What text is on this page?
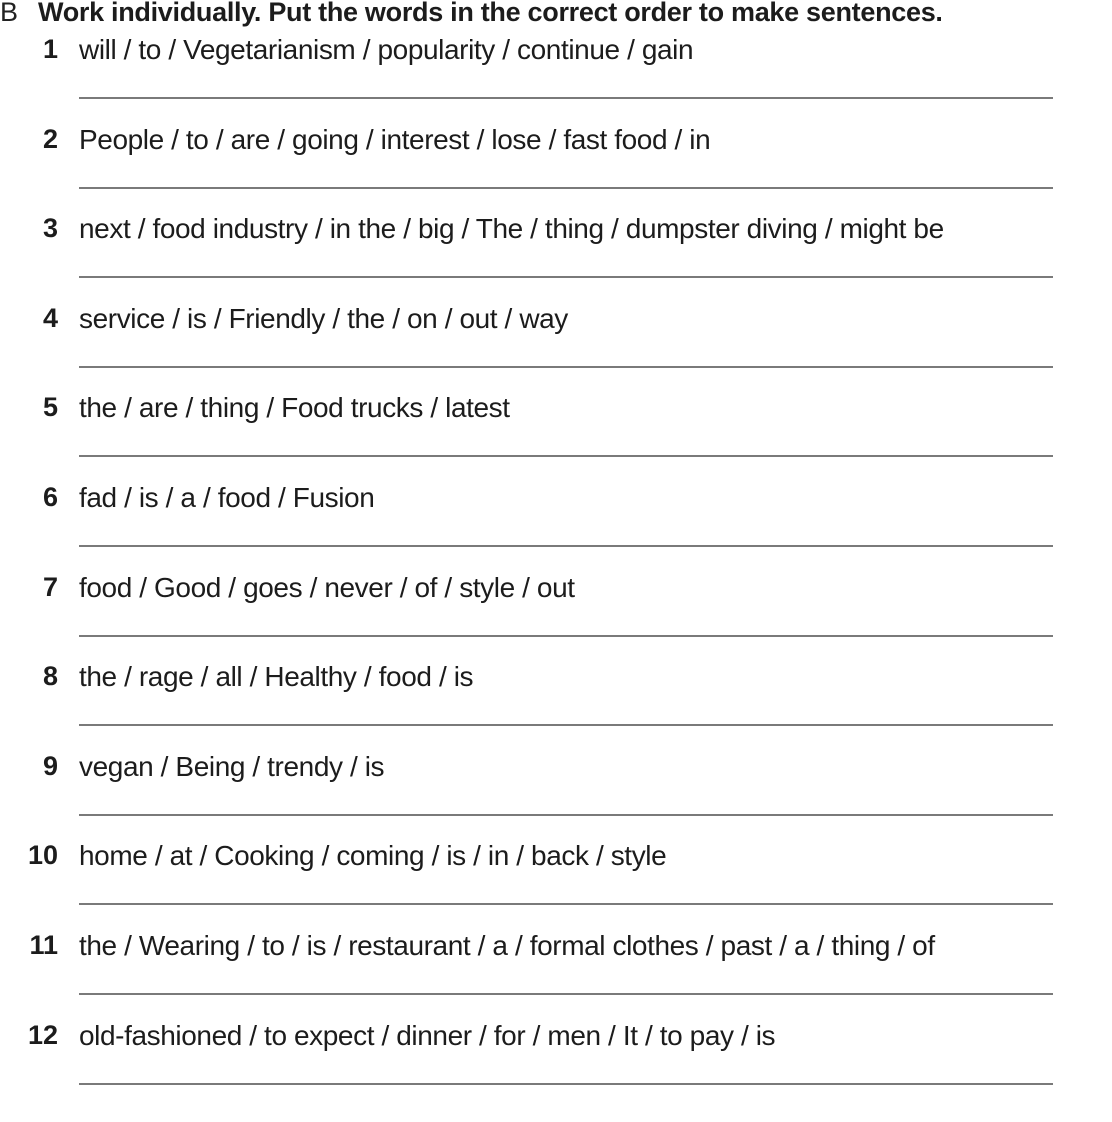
B Work individually. Put the words in the correct order to make sentences.
1 will / to / Vegetarianism / popularity / continue / gain
2 People / to / are / going / interest / lose / fast food / in
3 next / food industry / in the / big / The / thing / dumpster diving / might be
4 service / is / Friendly / the / on / out / way
5 the / are / thing / Food trucks / latest
6 fad / is / a / food / Fusion
7 food / Good / goes / never / of / style / out
8 the / rage / all / Healthy / food / is
9 vegan / Being / trendy / is
10 home / at / Cooking / coming / is / in / back / style
11 the / Wearing / to / is / restaurant / a / formal clothes / past / a / thing / of
12 old-fashioned / to expect / dinner / for / men / It / to pay / is
